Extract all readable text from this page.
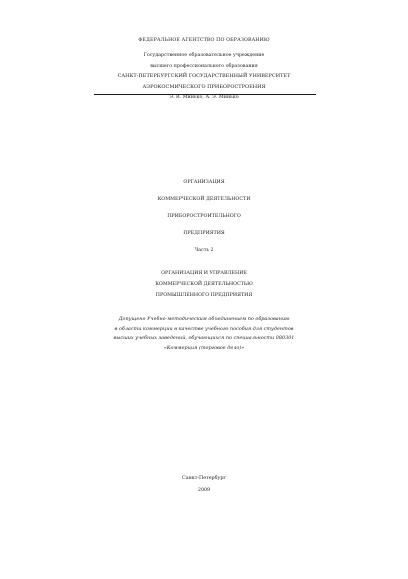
ФЕДЕРАЛЬНОЕ АГЕНТСТВО ПО ОБРАЗОВАНИЮ
Государственное образовательное учреждение
высшего профессионального образования
САНКТ-ПЕТЕРБУРГСКИЙ ГОСУДАРСТВЕННЫЙ УНИВЕРСИТЕТ
АЭРОКОСМИЧЕСКОГО ПРИБОРОСТРОЕНИЯ
Э. В. Минько, А. Э. Минько
ОРГАНИЗАЦИЯ
КОММЕРЧЕСКОЙ ДЕЯТЕЛЬНОСТИ
ПРИБОРОСТРОИТЕЛЬНОГО
ПРЕДПРИЯТИЯ
Часть 2
ОРГАНИЗАЦИЯ И УПРАВЛЕНИЕ
КОММЕРЧЕСКОЙ ДЕЯТЕЛЬНОСТЬЮ
ПРОМЫШЛЕННОГО ПРЕДПРИЯТИЯ
Допущено Учебно-методическим объединением по образованию
в области коммерции в качестве учебного пособия для студентов
высших учебных заведений, обучающихся по специальности 080301
«Коммерция (торговое дело)»
Санкт-Петербург
2009
